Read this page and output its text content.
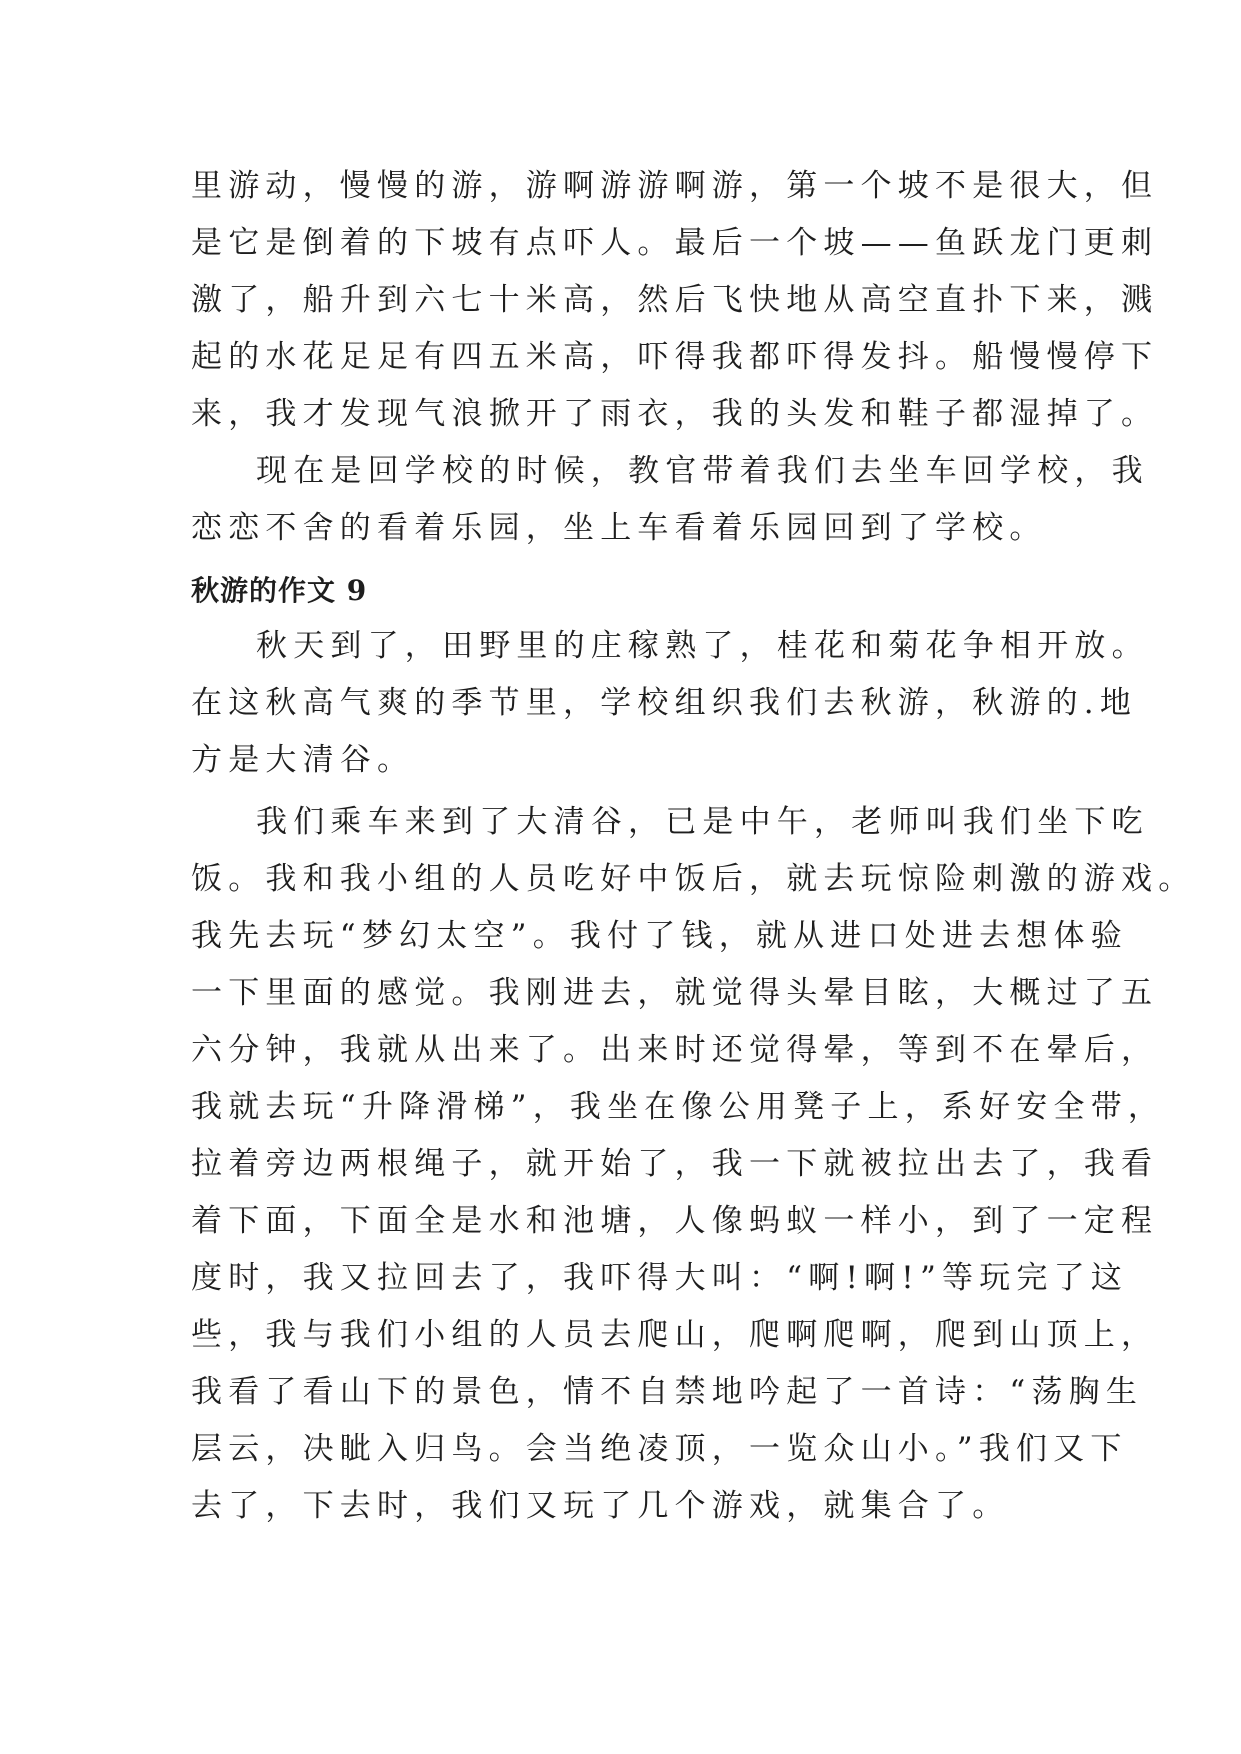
里游动，慢慢的游，游啊游游啊游，第一个坡不是很大，但

是它是倒着的下坡有点吓人。最后一个坡——鱼跃龙门更刺

激了，船升到六七十米高，然后飞快地从高空直扑下来，溅

起的水花足足有四五米高，吓得我都吓得发抖。船慢慢停下

来，我才发现气浪掀开了雨衣，我的头发和鞋子都湿掉了。

现在是回学校的时候，教官带着我们去坐车回学校，我

恋恋不舍的看着乐园，坐上车看着乐园回到了学校。

秋游的作文 9

秋天到了，田野里的庄稼熟了，桂花和菊花争相开放。

在这秋高气爽的季节里，学校组织我们去秋游，秋游的.地

方是大清谷。

我们乘车来到了大清谷，已是中午，老师叫我们坐下吃

饭。我和我小组的人员吃好中饭后，就去玩惊险刺激的游戏。

我先去玩“梦幻太空”。我付了钱，就从进口处进去想体验

一下里面的感觉。我刚进去，就觉得头晕目眩，大概过了五

六分钟，我就从出来了。出来时还觉得晕，等到不在晕后，

我就去玩“升降滑梯”，我坐在像公用凳子上，系好安全带，

拉着旁边两根绳子，就开始了，我一下就被拉出去了，我看

着下面，下面全是水和池塘，人像蚂蚁一样小，到了一定程

度时，我又拉回去了，我吓得大叫：“啊!啊!”等玩完了这

些，我与我们小组的人员去爬山，爬啊爬啊，爬到山顶上，

我看了看山下的景色，情不自禁地吟起了一首诗：“荡胸生

层云，决眦入归鸟。会当绝凌顶，一览众山小。”我们又下

去了，下去时，我们又玩了几个游戏，就集合了。
